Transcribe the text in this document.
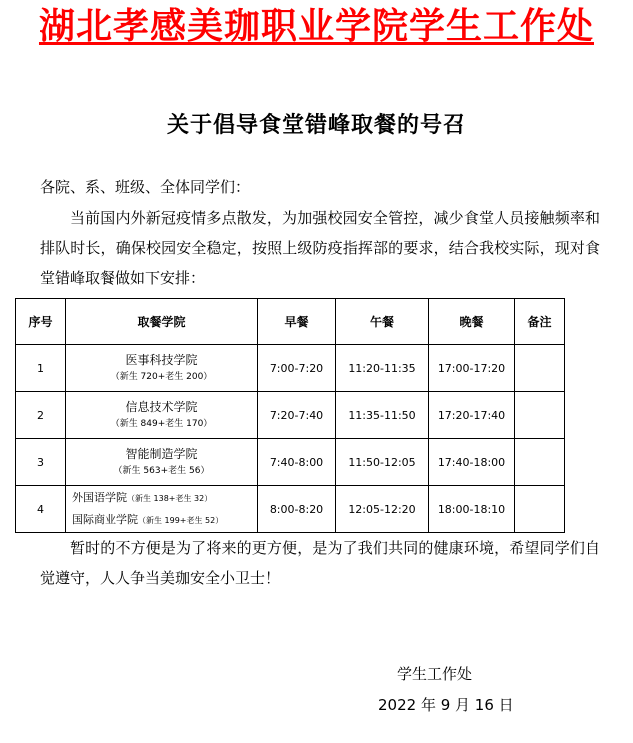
湖北孝感美珈职业学院学生工作处
关于倡导食堂错峰取餐的号召
各院、系、班级、全体同学们：

当前国内外新冠疫情多点散发，为加强校园安全管控，减少食堂人员接触频率和排队时长，确保校园安全稳定，按照上级防疫指挥部的要求，结合我校实际，现对食堂错峰取餐做如下安排：

序号	取餐学院	早餐	午餐	晚餐	备注
1	医事科技学院
（新生 720+老生 200）	7:00-7:20	11:20-11:35	17:00-17:20	
2	信息技术学院
（新生 849+老生 170）	7:20-7:40	11:35-11:50	17:20-17:40	
3	智能制造学院
（新生 563+老生 56）	7:40-8:00	11:50-12:05	17:40-18:00	
4	外国语学院（新生 138+老生 32）
国际商业学院（新生 199+老生 52）	8:00-8:20	12:05-12:20	18:00-18:10	

暂时的不方便是为了将来的更方便，是为了我们共同的健康环境，希望同学们自觉遵守，人人争当美珈安全小卫士！

学生工作处
2022 年 9 月 16 日
